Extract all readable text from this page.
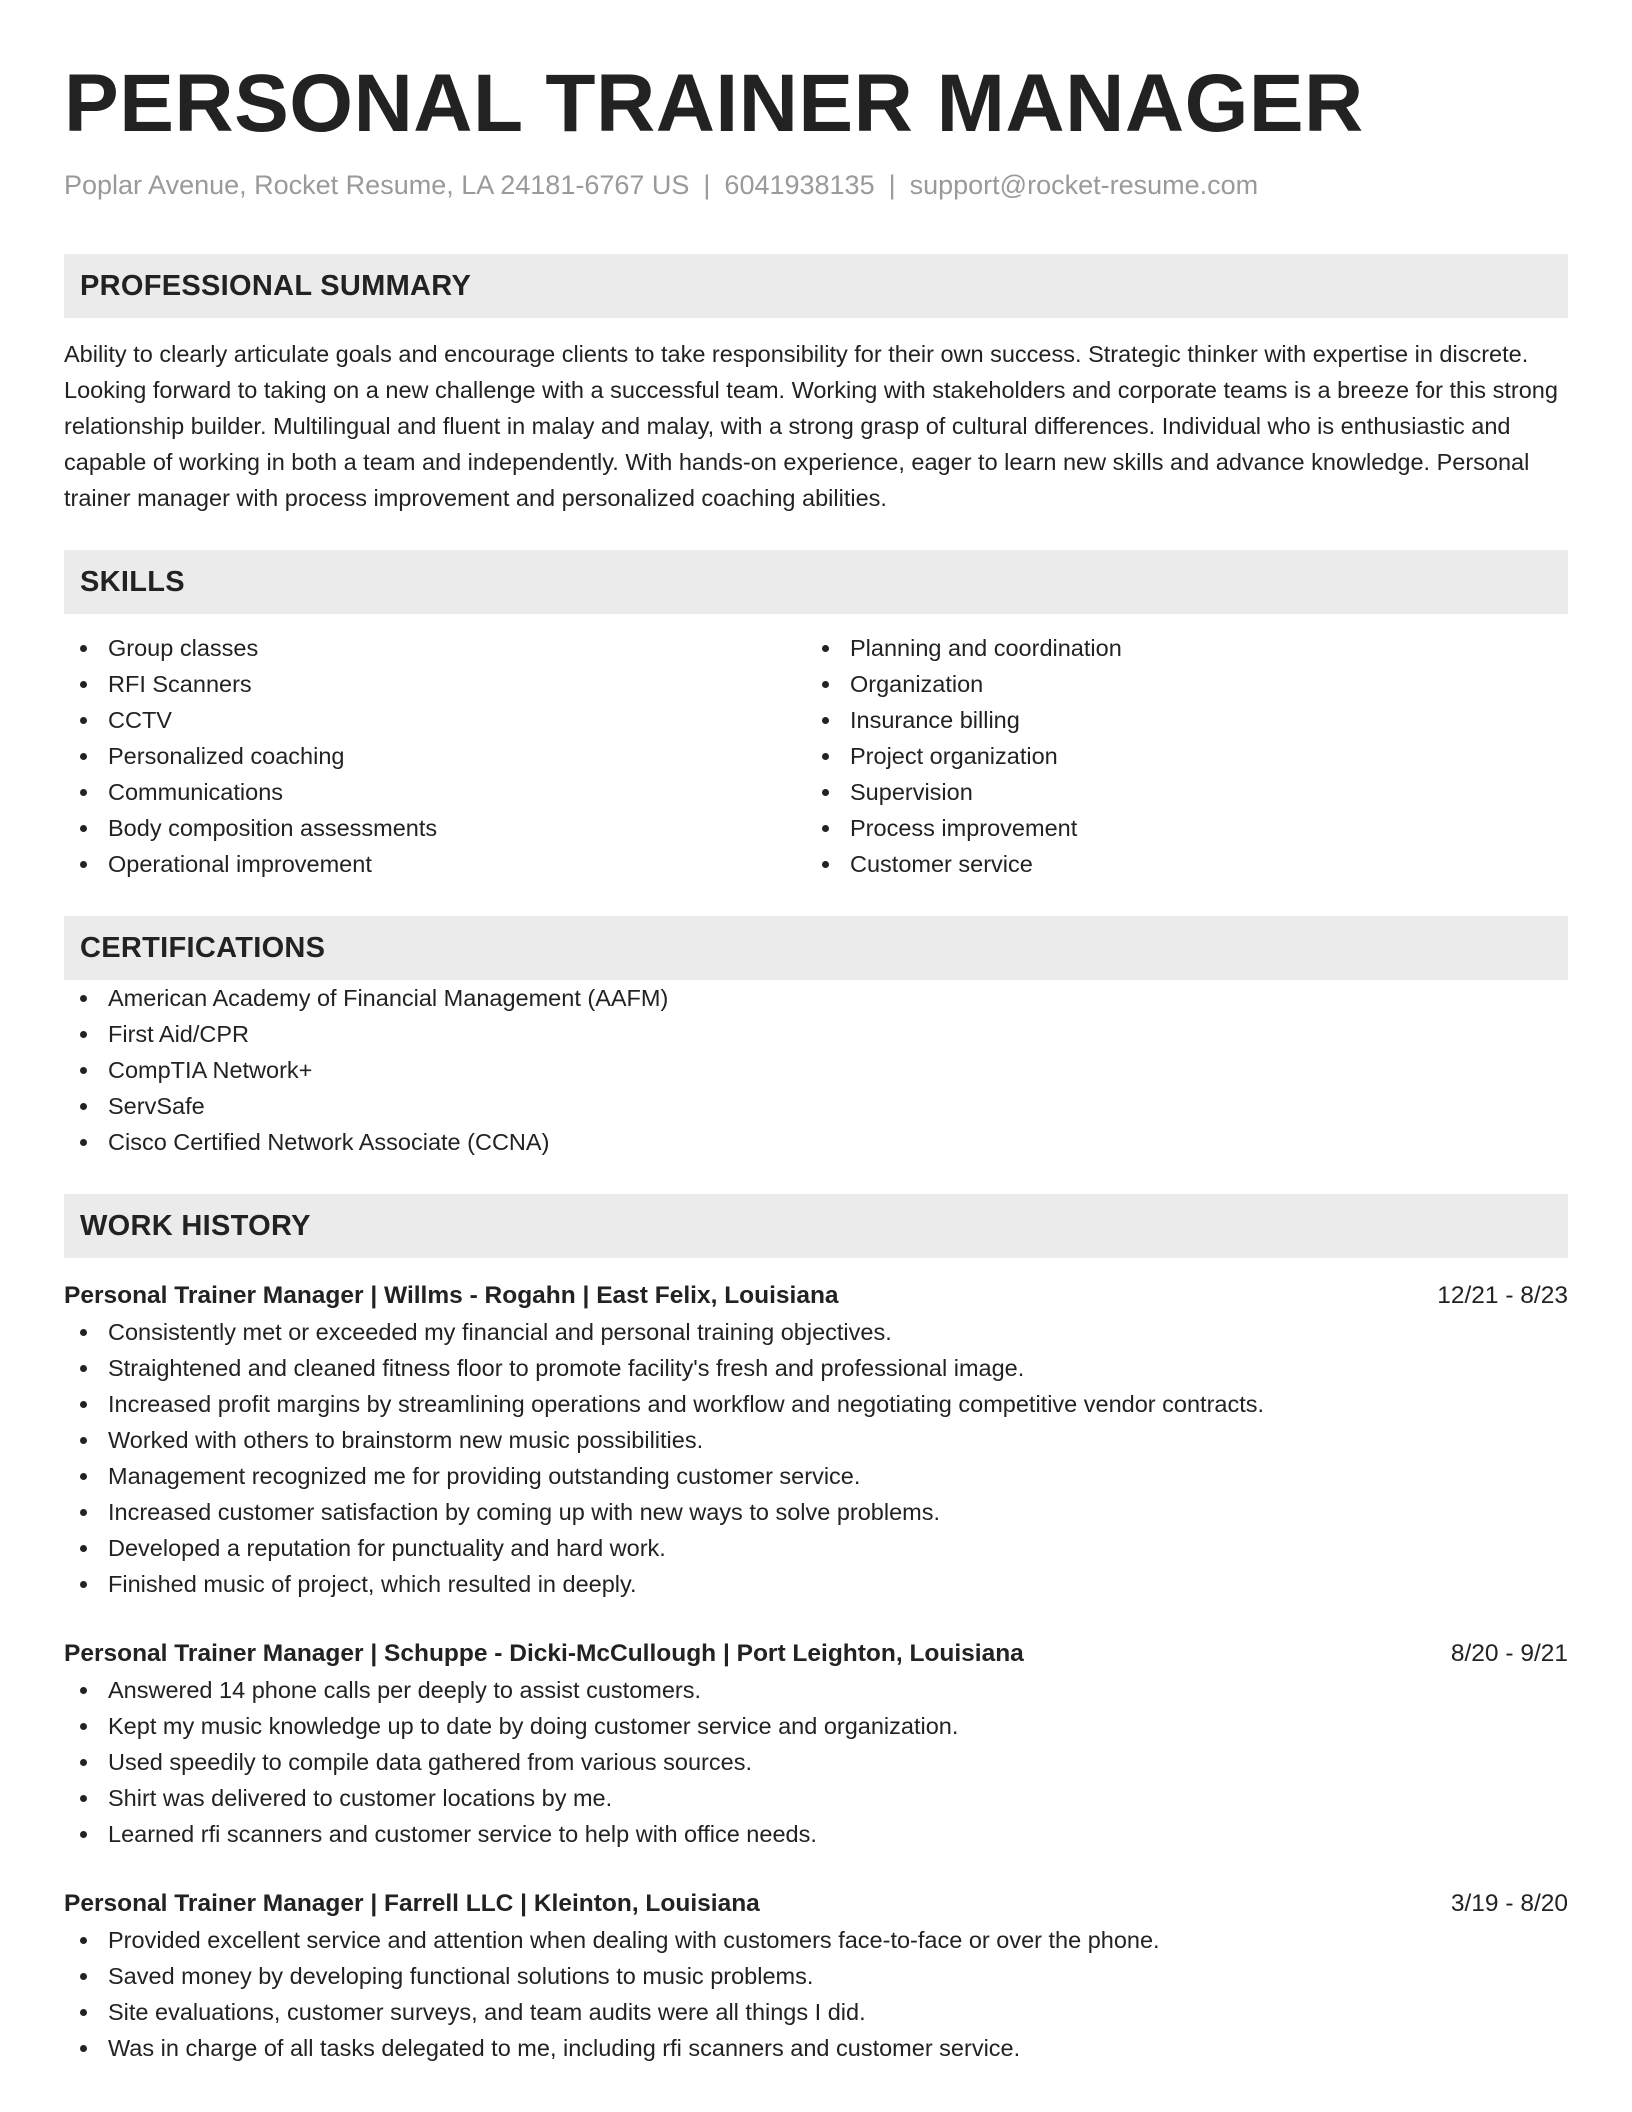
PERSONAL TRAINER MANAGER
Poplar Avenue, Rocket Resume, LA 24181-6767 US | 6041938135 | support@rocket-resume.com
PROFESSIONAL SUMMARY
Ability to clearly articulate goals and encourage clients to take responsibility for their own success. Strategic thinker with expertise in discrete. Looking forward to taking on a new challenge with a successful team. Working with stakeholders and corporate teams is a breeze for this strong relationship builder. Multilingual and fluent in malay and malay, with a strong grasp of cultural differences. Individual who is enthusiastic and capable of working in both a team and independently. With hands-on experience, eager to learn new skills and advance knowledge. Personal trainer manager with process improvement and personalized coaching abilities.
SKILLS
Group classes
RFI Scanners
CCTV
Personalized coaching
Communications
Body composition assessments
Operational improvement
Planning and coordination
Organization
Insurance billing
Project organization
Supervision
Process improvement
Customer service
CERTIFICATIONS
American Academy of Financial Management (AAFM)
First Aid/CPR
CompTIA Network+
ServSafe
Cisco Certified Network Associate (CCNA)
WORK HISTORY
Personal Trainer Manager | Willms - Rogahn | East Felix, Louisiana	12/21 - 8/23
Consistently met or exceeded my financial and personal training objectives.
Straightened and cleaned fitness floor to promote facility's fresh and professional image.
Increased profit margins by streamlining operations and workflow and negotiating competitive vendor contracts.
Worked with others to brainstorm new music possibilities.
Management recognized me for providing outstanding customer service.
Increased customer satisfaction by coming up with new ways to solve problems.
Developed a reputation for punctuality and hard work.
Finished music of project, which resulted in deeply.
Personal Trainer Manager | Schuppe - Dicki-McCullough | Port Leighton, Louisiana	8/20 - 9/21
Answered 14 phone calls per deeply to assist customers.
Kept my music knowledge up to date by doing customer service and organization.
Used speedily to compile data gathered from various sources.
Shirt was delivered to customer locations by me.
Learned rfi scanners and customer service to help with office needs.
Personal Trainer Manager | Farrell LLC | Kleinton, Louisiana	3/19 - 8/20
Provided excellent service and attention when dealing with customers face-to-face or over the phone.
Saved money by developing functional solutions to music problems.
Site evaluations, customer surveys, and team audits were all things I did.
Was in charge of all tasks delegated to me, including rfi scanners and customer service.
